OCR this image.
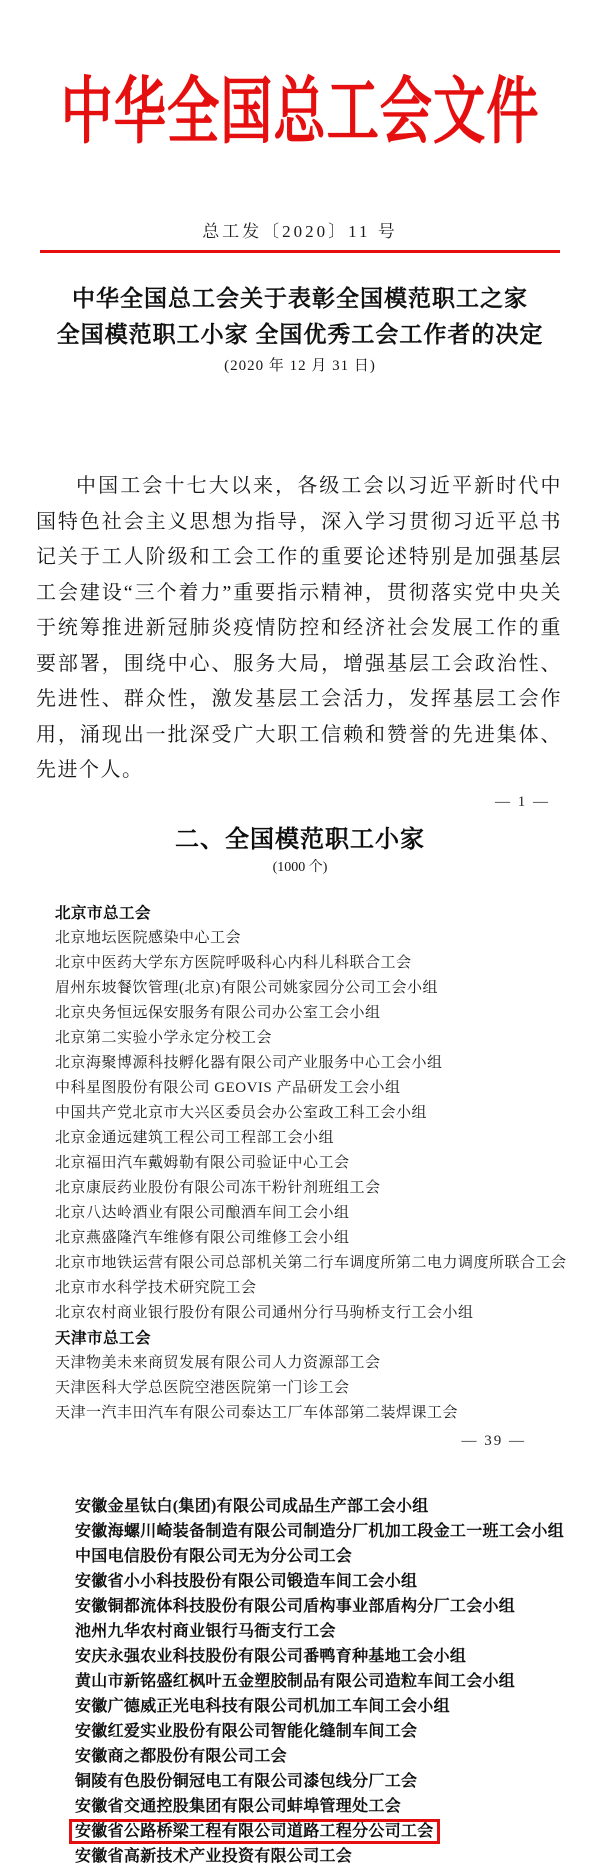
中华全国总工会文件
总工发〔2020〕11 号
中华全国总工会关于表彰全国模范职工之家
全国模范职工小家 全国优秀工会工作者的决定
(2020 年 12 月 31 日)

中国工会十七大以来，各级工会以习近平新时代中国特色社会主义思想为指导，深入学习贯彻习近平总书记关于工人阶级和工会工作的重要论述特别是加强基层工会建设“三个着力”重要指示精神，贯彻落实党中央关于统筹推进新冠肺炎疫情防控和经济社会发展工作的重要部署，围绕中心、服务大局，增强基层工会政治性、先进性、群众性，激发基层工会活力，发挥基层工会作用，涌现出一批深受广大职工信赖和赞誉的先进集体、先进个人。

— 1 —
二、全国模范职工小家
(1000 个)
北京市总工会
北京地坛医院感染中心工会
北京中医药大学东方医院呼吸科心内科儿科联合工会
眉州东坡餐饮管理(北京)有限公司姚家园分公司工会小组
北京央务恒远保安服务有限公司办公室工会小组
北京第二实验小学永定分校工会
北京海聚博源科技孵化器有限公司产业服务中心工会小组
中科星图股份有限公司 GEOVIS 产品研发工会小组
中国共产党北京市大兴区委员会办公室政工科工会小组
北京金通远建筑工程公司工程部工会小组
北京福田汽车戴姆勒有限公司验证中心工会
北京康辰药业股份有限公司冻干粉针剂班组工会
北京八达岭酒业有限公司酿酒车间工会小组
北京燕盛隆汽车维修有限公司维修工会小组
北京市地铁运营有限公司总部机关第二行车调度所第二电力调度所联合工会
北京市水科学技术研究院工会
北京农村商业银行股份有限公司通州分行马驹桥支行工会小组
天津市总工会
天津物美未来商贸发展有限公司人力资源部工会
天津医科大学总医院空港医院第一门诊工会
天津一汽丰田汽车有限公司泰达工厂车体部第二装焊课工会
— 39 —
安徽金星钛白(集团)有限公司成品生产部工会小组
安徽海螺川崎装备制造有限公司制造分厂机加工段金工一班工会小组
中国电信股份有限公司无为分公司工会
安徽省小小科技股份有限公司锻造车间工会小组
安徽铜都流体科技股份有限公司盾构事业部盾构分厂工会小组
池州九华农村商业银行马衙支行工会
安庆永强农业科技股份有限公司番鸭育种基地工会小组
黄山市新铭盛红枫叶五金塑胶制品有限公司造粒车间工会小组
安徽广德威正光电科技有限公司机加工车间工会小组
安徽红爱实业股份有限公司智能化缝制车间工会
安徽商之都股份有限公司工会
铜陵有色股份铜冠电工有限公司漆包线分厂工会
安徽省交通控股集团有限公司蚌埠管理处工会
安徽省公路桥梁工程有限公司道路工程分公司工会
安徽省高新技术产业投资有限公司工会
